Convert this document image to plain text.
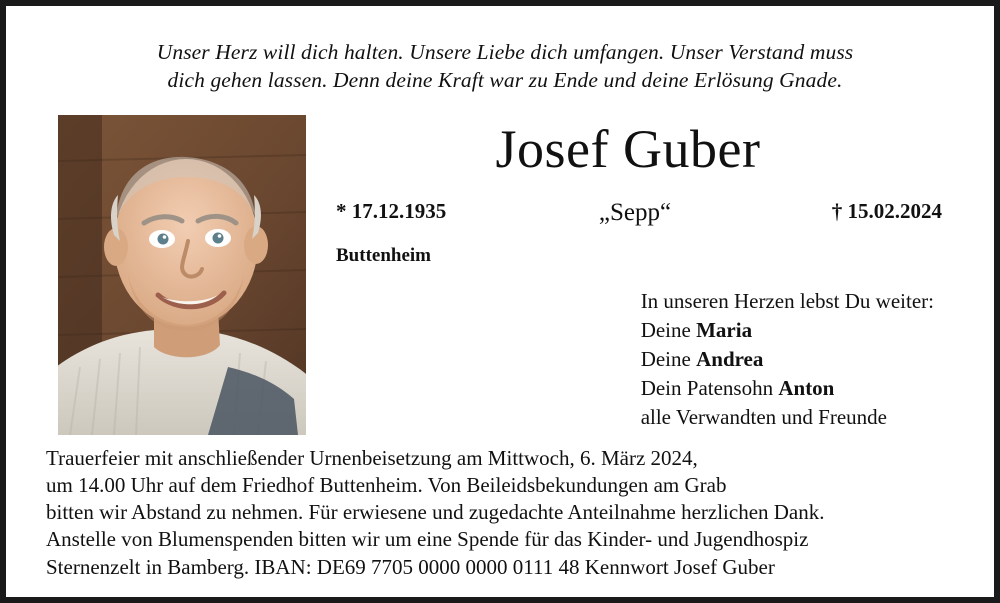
Unser Herz will dich halten. Unsere Liebe dich umfangen. Unser Verstand muss
dich gehen lassen. Denn deine Kraft war zu Ende und deine Erlösung Gnade.
Josef Guber
* 17.12.1935	„Sepp“	† 15.02.2024
Buttenheim
In unseren Herzen lebst Du weiter:
Deine Maria
Deine Andrea
Dein Patensohn Anton
alle Verwandten und Freunde
Trauerfeier mit anschließender Urnenbeisetzung am Mittwoch, 6. März 2024,
um 14.00 Uhr auf dem Friedhof Buttenheim. Von Beileidsbekundungen am Grab
bitten wir Abstand zu nehmen. Für erwiesene und zugedachte Anteilnahme herzlichen Dank.
Anstelle von Blumenspenden bitten wir um eine Spende für das Kinder- und Jugendhospiz
Sternenzelt in Bamberg. IBAN: DE69 7705 0000 0000 0111 48 Kennwort Josef Guber
